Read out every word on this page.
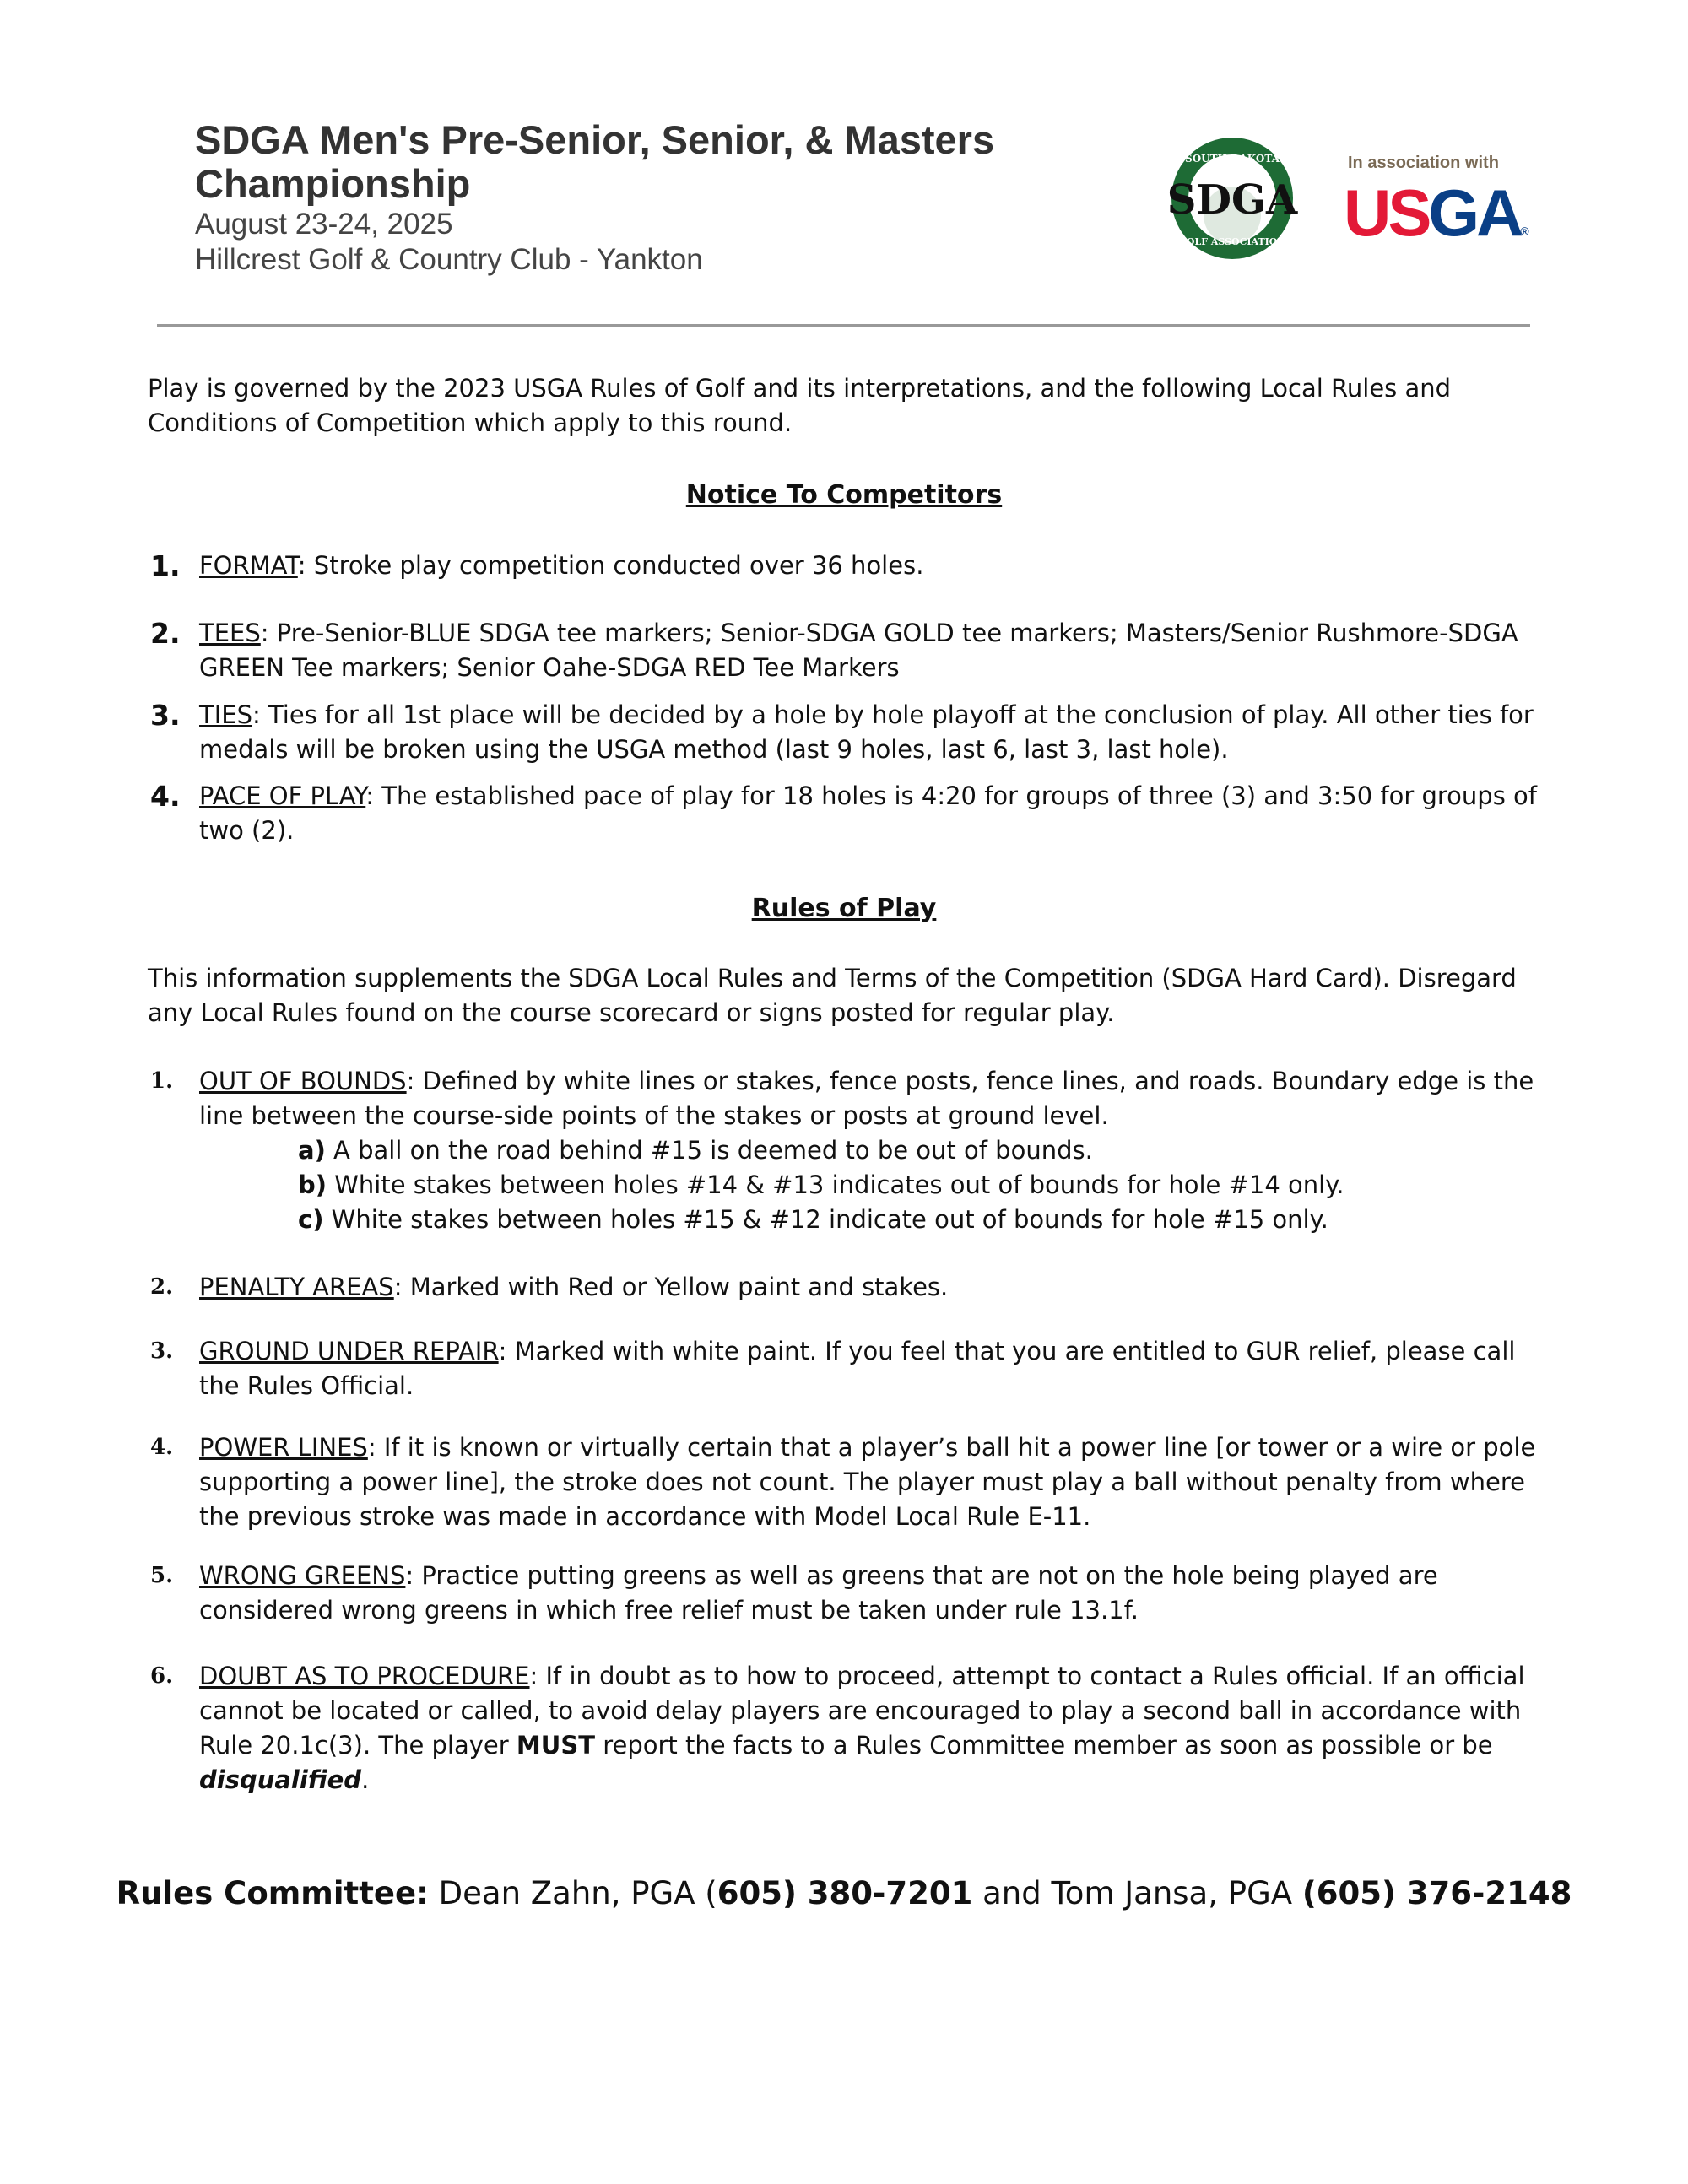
SDGA Men's Pre-Senior, Senior, & Masters
Championship
August 23-24, 2025
Hillcrest Golf & Country Club - Yankton
SOUTH DAKOTA
GOLF ASSOCIATION
SDGA
In association with
USGA®
Play is governed by the 2023 USGA Rules of Golf and its interpretations, and the following Local Rules and Conditions of Competition which apply to this round.
Notice To Competitors
1. FORMAT: Stroke play competition conducted over 36 holes.
2. TEES: Pre-Senior-BLUE SDGA tee markers; Senior-SDGA GOLD tee markers; Masters/Senior Rushmore-SDGA GREEN Tee markers; Senior Oahe-SDGA RED Tee Markers
3. TIES: Ties for all 1st place will be decided by a hole by hole playoff at the conclusion of play. All other ties for medals will be broken using the USGA method (last 9 holes, last 6, last 3, last hole).
4. PACE OF PLAY: The established pace of play for 18 holes is 4:20 for groups of three (3) and 3:50 for groups of two (2).
Rules of Play
This information supplements the SDGA Local Rules and Terms of the Competition (SDGA Hard Card). Disregard any Local Rules found on the course scorecard or signs posted for regular play.
1. OUT OF BOUNDS: Defined by white lines or stakes, fence posts, fence lines, and roads. Boundary edge is the line between the course-side points of the stakes or posts at ground level.
a) A ball on the road behind #15 is deemed to be out of bounds.
b) White stakes between holes #14 & #13 indicates out of bounds for hole #14 only.
c) White stakes between holes #15 & #12 indicate out of bounds for hole #15 only.
2. PENALTY AREAS: Marked with Red or Yellow paint and stakes.
3. GROUND UNDER REPAIR: Marked with white paint. If you feel that you are entitled to GUR relief, please call the Rules Official.
4. POWER LINES: If it is known or virtually certain that a player’s ball hit a power line [or tower or a wire or pole supporting a power line], the stroke does not count. The player must play a ball without penalty from where the previous stroke was made in accordance with Model Local Rule E-11.
5. WRONG GREENS: Practice putting greens as well as greens that are not on the hole being played are considered wrong greens in which free relief must be taken under rule 13.1f.
6. DOUBT AS TO PROCEDURE: If in doubt as to how to proceed, attempt to contact a Rules official. If an official cannot be located or called, to avoid delay players are encouraged to play a second ball in accordance with Rule 20.1c(3). The player MUST report the facts to a Rules Committee member as soon as possible or be disqualified.
Rules Committee: Dean Zahn, PGA (605) 380-7201 and Tom Jansa, PGA (605) 376-2148
